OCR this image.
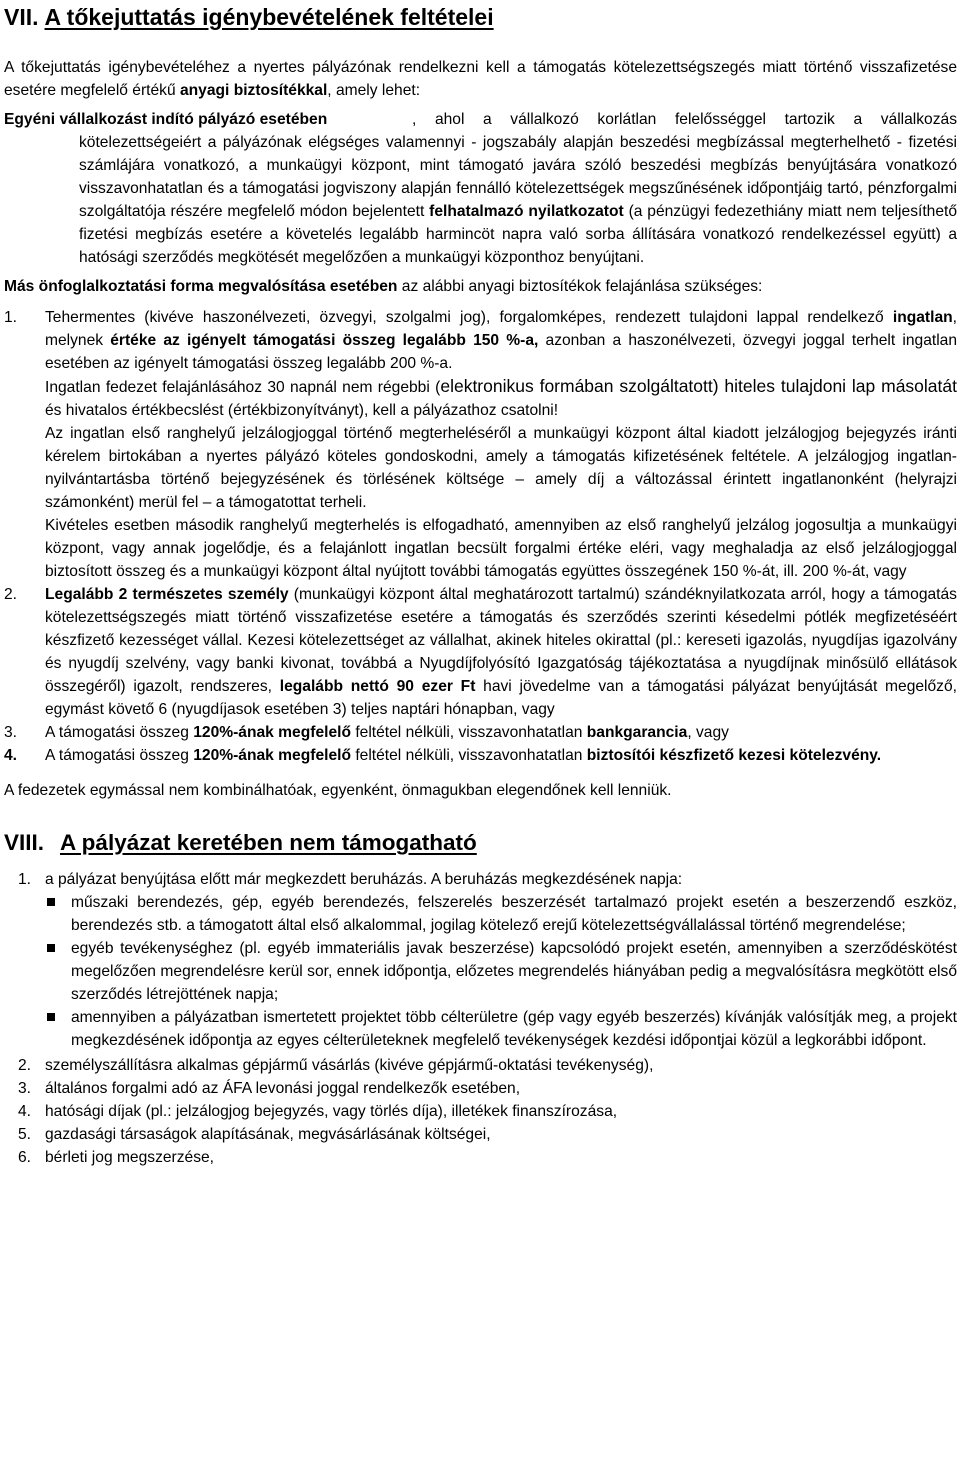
VII. A tőkejuttatás igénybevételének feltételei

A tőkejuttatás igénybevételéhez a nyertes pályázónak rendelkezni kell a támogatás kötelezettségszegés miatt történő visszafizetése esetére megfelelő értékű anyagi biztosítékkal, amely lehet:

Egyéni vállalkozást indító pályázó esetében	, ahol a vállalkozó korlátlan felelősséggel tartozik a vállalkozás kötelezettségeiért a pályázónak elégséges valamennyi - jogszabály alapján beszedési megbízással megterhelhető - fizetési számlájára vonatkozó, a munkaügyi központ, mint támogató javára szóló beszedési megbízás benyújtására vonatkozó visszavonhatatlan és a támogatási jogviszony alapján fennálló kötelezettségek megszűnésének időpontjáig tartó, pénzforgalmi szolgáltatója részére megfelelő módon bejelentett felhatalmazó nyilatkozatot (a pénzügyi fedezethiány miatt nem teljesíthető fizetési megbízás esetére a követelés legalább harmincöt napra való sorba állítására vonatkozó rendelkezéssel együtt) a hatósági szerződés megkötését megelőzően a munkaügyi központhoz benyújtani.

Más önfoglalkoztatási forma megvalósítása esetében az alábbi anyagi biztosítékok felajánlása szükséges:

1.	Tehermentes (kivéve haszonélvezeti, özvegyi, szolgalmi jog), forgalomképes, rendezett tulajdoni lappal rendelkező ingatlan, melynek értéke az igényelt támogatási összeg legalább 150 %-a, azonban a haszonélvezeti, özvegyi joggal terhelt ingatlan esetében az igényelt támogatási összeg legalább 200 %-a.

Ingatlan fedezet felajánlásához 30 napnál nem régebbi (elektronikus formában szolgáltatott) hiteles tulajdoni lap másolatát és hivatalos értékbecslést (értékbizonyítványt), kell a pályázathoz csatolni!

Az ingatlan első ranghelyű jelzálogjoggal történő megterheléséről a munkaügyi központ által kiadott jelzálogjog bejegyzés iránti kérelem birtokában a nyertes pályázó köteles gondoskodni, amely a támogatás kifizetésének feltétele. A jelzálogjog ingatlan-nyilvántartásba történő bejegyzésének és törlésének költsége – amely díj a változással érintett ingatlanonként (helyrajzi számonként) merül fel – a támogatottat terheli.

Kivételes esetben második ranghelyű megterhelés is elfogadható, amennyiben az első ranghelyű jelzálog jogosultja a munkaügyi központ, vagy annak jogelődje, és a felajánlott ingatlan becsült forgalmi értéke eléri, vagy meghaladja az első jelzálogjoggal biztosított összeg és a munkaügyi központ által nyújtott további támogatás együttes összegének 150 %-át, ill. 200 %-át, vagy

2.	Legalább 2 természetes személy (munkaügyi központ által meghatározott tartalmú) szándéknyilatkozata arról, hogy a támogatás kötelezettségszegés miatt történő visszafizetése esetére a támogatás és szerződés szerinti késedelmi pótlék megfizetéséért készfizető kezességet vállal. Kezesi kötelezettséget az vállalhat, akinek hiteles okirattal (pl.: kereseti igazolás, nyugdíjas igazolvány és nyugdíj szelvény, vagy banki kivonat, továbbá a Nyugdíjfolyósító Igazgatóság tájékoztatása a nyugdíjnak minősülő ellátások összegéről) igazolt, rendszeres, legalább nettó 90 ezer Ft havi jövedelme van a támogatási pályázat benyújtását megelőző, egymást követő 6 (nyugdíjasok esetében 3) teljes naptári hónapban, vagy
3.	A támogatási összeg 120%-ának megfelelő feltétel nélküli, visszavonhatatlan bankgarancia, vagy
4.	A támogatási összeg 120%-ának megfelelő feltétel nélküli, visszavonhatatlan biztosítói készfizető kezesi kötelezvény.

A fedezetek egymással nem kombinálhatóak, egyenként, önmagukban elegendőnek kell lenniük.

VIII. A pályázat keretében nem támogatható
1. a pályázat benyújtása előtt már megkezdett beruházás. A beruházás megkezdésének napja:
műszaki berendezés, gép, egyéb berendezés, felszerelés beszerzését tartalmazó projekt esetén a beszerzendő eszköz, berendezés stb. a támogatott által első alkalommal, jogilag kötelező erejű kötelezettségvállalással történő megrendelése;
egyéb tevékenységhez (pl. egyéb immateriális javak beszerzése) kapcsolódó projekt esetén, amennyiben a szerződéskötést megelőzően megrendelésre kerül sor, ennek időpontja, előzetes megrendelés hiányában pedig a megvalósításra megkötött első szerződés létrejöttének napja;
amennyiben a pályázatban ismertetett projektet több célterületre (gép vagy egyéb beszerzés) kívánják valósítják meg, a projekt megkezdésének időpontja az egyes célterületeknek megfelelő tevékenységek kezdési időpontjai közül a legkorábbi időpont.
2. személyszállításra alkalmas gépjármű vásárlás (kivéve gépjármű-oktatási tevékenység),
3. általános forgalmi adó az ÁFA levonási joggal rendelkezők esetében,
4. hatósági díjak (pl.: jelzálogjog bejegyzés, vagy törlés díja), illetékek finanszírozása,
5. gazdasági társaságok alapításának, megvásárlásának költségei,
6. bérleti jog megszerzése,
